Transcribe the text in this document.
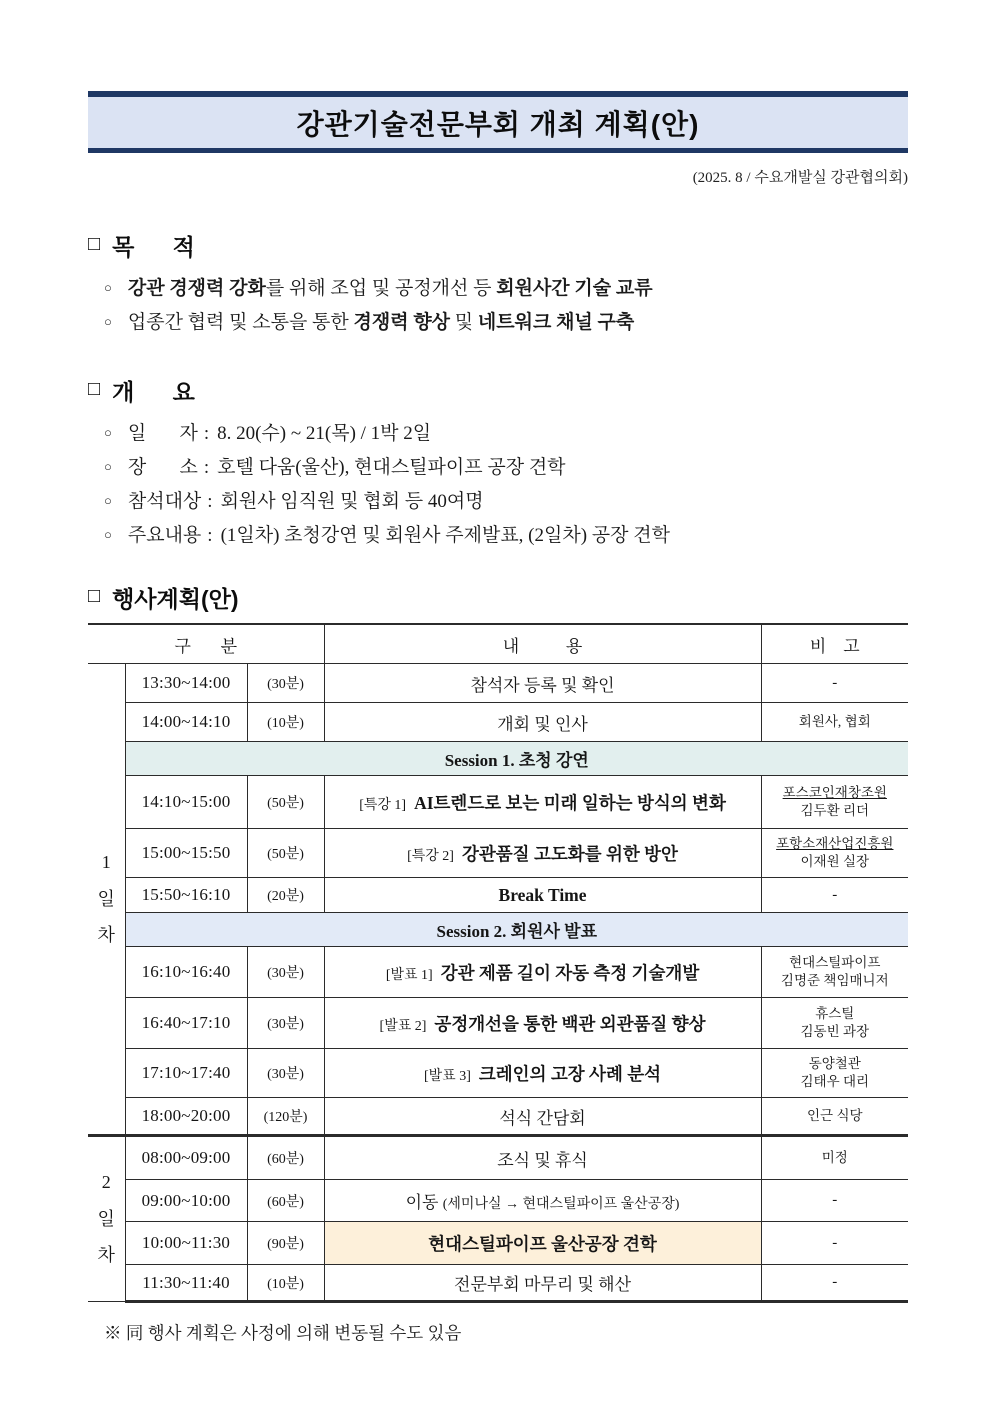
강관기술전문부회 개최 계획(안)
(2025. 8 / 수요개발실 강관협의회)
□ 목      적
○ 강관 경쟁력 강화를 위해 조업 및 공정개선 등 회원사간 기술 교류
○ 업종간 협력 및 소통을 통한 경쟁력 향상 및 네트워크 채널 구축
□ 개      요
○ 일       자 : 8. 20(수) ~ 21(목) / 1박 2일
○ 장       소 : 호텔 다움(울산), 현대스틸파이프 공장 견학
○ 참석대상 : 회원사 임직원 및 협회 등 40여명
○ 주요내용 : (1일차) 초청강연 및 회원사 주제발표, (2일차) 공장 견학
□ 행사계획(안)
구       분			내           용	비    고

1일차	13:30~14:00	(30분)	참석자 등록 및 확인	-
	14:00~14:10	(10분)	개회 및 인사	회원사, 협회

	Session 1. 초청 강연			
	14:10~15:00	(50분)	[특강 1] AI트렌드로 보는 미래 일하는 방식의 변화	포스코인재창조원
김두환 리더

	15:00~15:50	(50분)	[특강 2] 강관품질 고도화를 위한 방안	포항소재산업진흥원
이재원 실장

	15:50~16:10	(20분)	Break Time	-
	Session 2. 회원사 발표			
	16:10~16:40	(30분)	[발표 1] 강관 제품 길이 자동 측정 기술개발	현대스틸파이프
김명준 책임매니저

	16:40~17:10	(30분)	[발표 2] 공정개선을 통한 백관 외관품질 향상	휴스틸
김동빈 과장

	17:10~17:40	(30분)	[발표 3] 크레인의 고장 사례 분석	동양철관
김태우 대리

	18:00~20:00	(120분)	석식 간담회	인근 식당

2일차	08:00~09:00	(60분)	조식 및 휴식	미정

	09:00~10:00	(60분)	이동 (세미나실 → 현대스틸파이프 울산공장)	-
	10:00~11:30	(90분)	현대스틸파이프 울산공장 견학	-
	11:30~11:40	(10분)	전문부회 마무리 및 해산	-
※ 同 행사 계획은 사정에 의해 변동될 수도 있음
